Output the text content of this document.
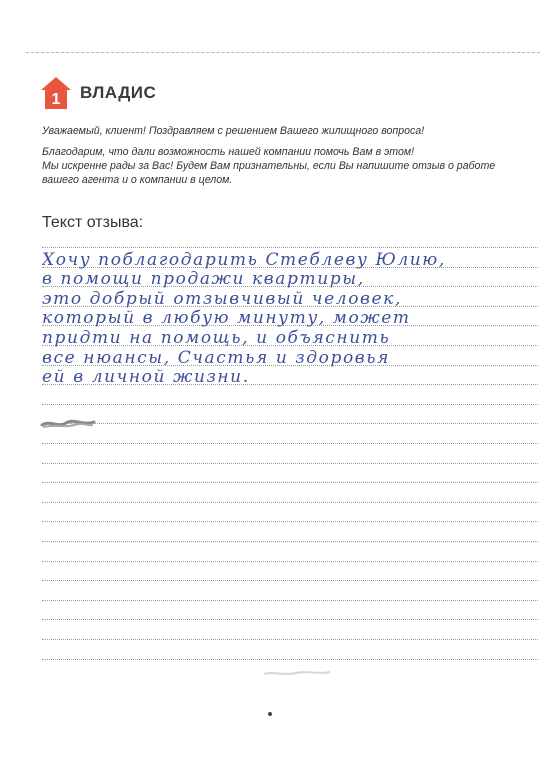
1 ВЛАДИС

Уважаемый, клиент! Поздравляем с решением Вашего жилищного вопроса!

Благодарим, что дали возможность нашей компании помочь Вам в этом!

Мы искренне рады за Вас! Будем Вам признательны, если Вы напишите отзыв о работе

вашего агента и о компании в целом.

Текст отзыва:
Хочу поблагодарить Стеблеву Юлию,
в помощи продажи квартиры,
это добрый отзывчивый человек,
который в любую минуту, может
придти на помощь, и объяснить
все нюансы, Счастья и здоровья
ей в личной жизни.
